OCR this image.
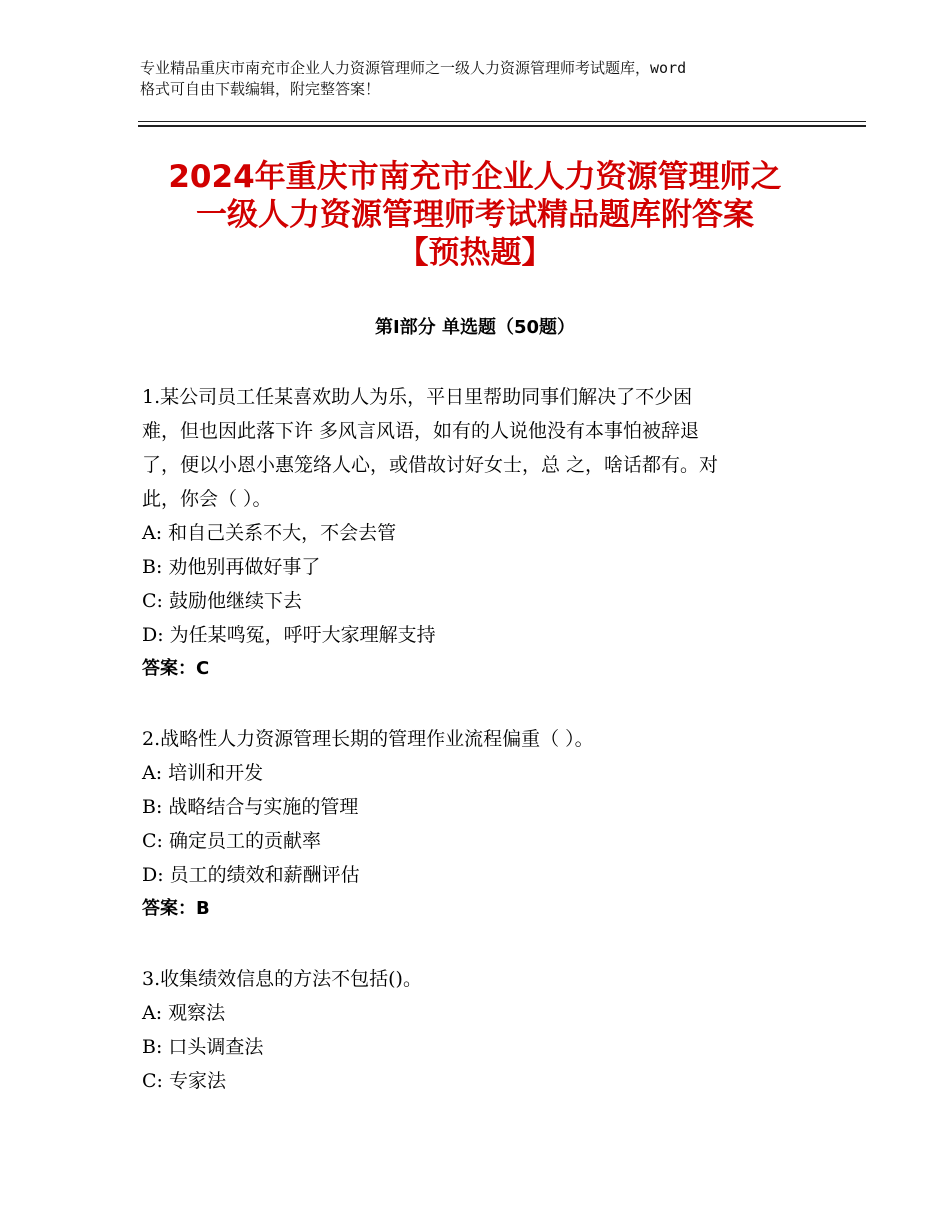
专业精品重庆市南充市企业人力资源管理师之一级人力资源管理师考试题库，word
格式可自由下载编辑，附完整答案！
2024年重庆市南充市企业人力资源管理师之
一级人力资源管理师考试精品题库附答案
【预热题】
第Ⅰ部分 单选题（50题）
1.某公司员工任某喜欢助人为乐，平日里帮助同事们解决了不少困
难，但也因此落下许 多风言风语，如有的人说他没有本事怕被辞退
了，便以小恩小惠笼络人心，或借故讨好女士，总 之，啥话都有。对
此，你会（ ）。
A: 和自己关系不大，不会去管
B: 劝他别再做好事了
C: 鼓励他继续下去
D: 为任某鸣冤，呼吁大家理解支持
答案：C
2.战略性人力资源管理长期的管理作业流程偏重（ ）。
A: 培训和开发
B: 战略结合与实施的管理
C: 确定员工的贡献率
D: 员工的绩效和薪酬评估
答案：B
3.收集绩效信息的方法不包括()。
A: 观察法
B: 口头调查法
C: 专家法
